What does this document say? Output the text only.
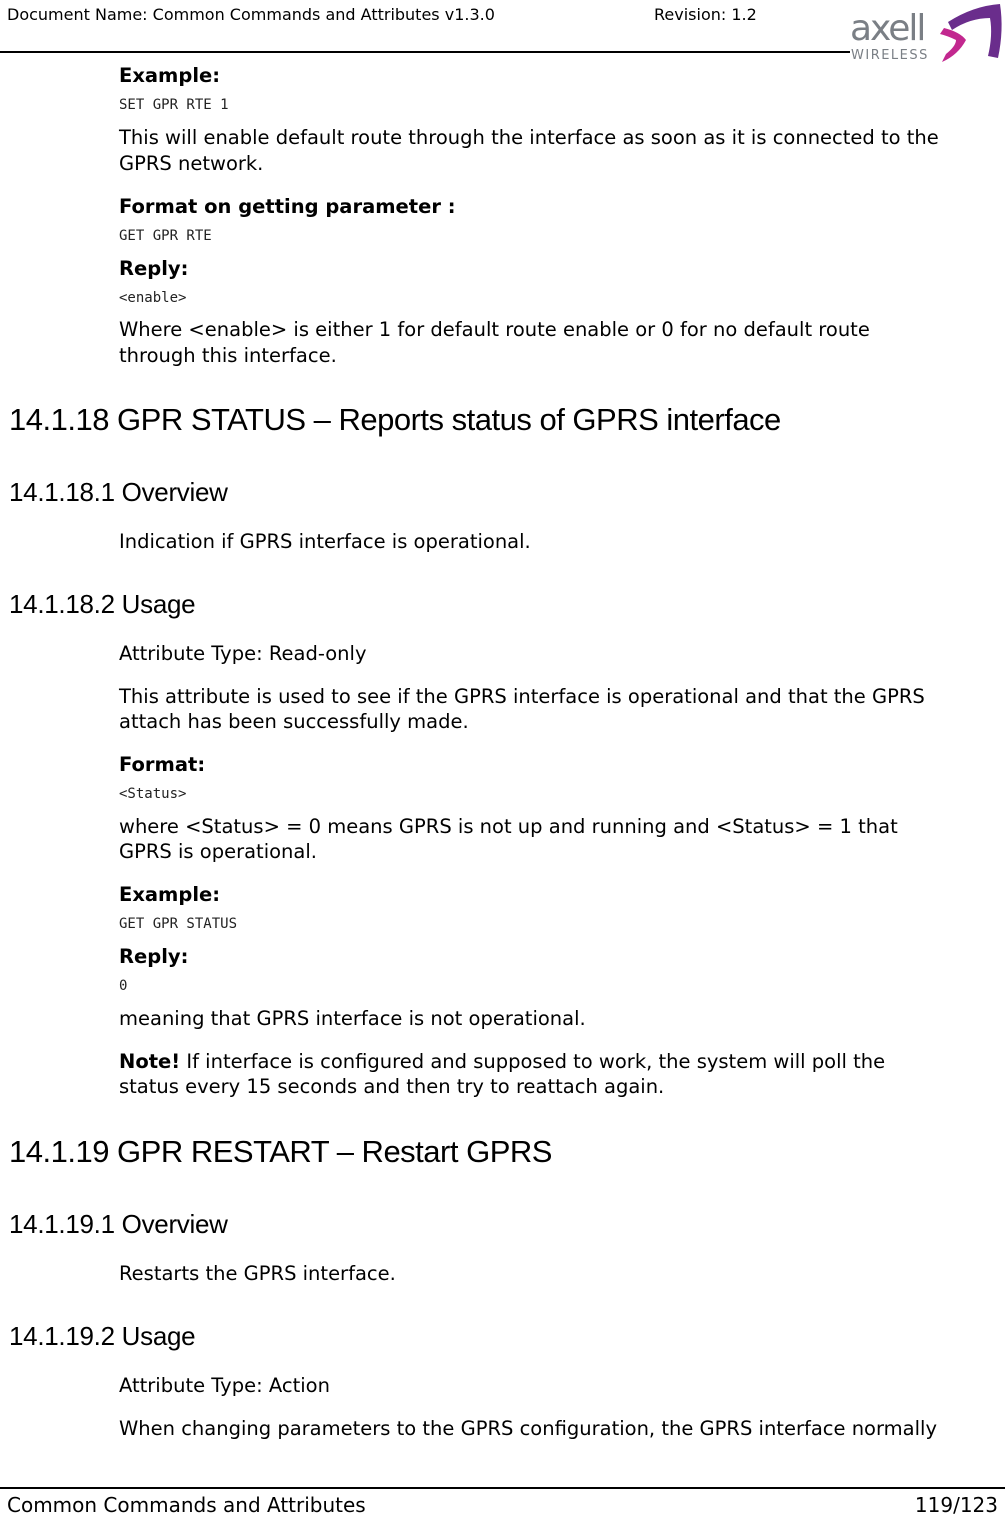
Document Name: Common Commands and Attributes v1.3.0	Revision: 1.2	axell
WIRELESS
Example:
SET GPR RTE 1
This will enable default route through the interface as soon as it is connected to the
GPRS network.
Format on getting parameter :
GET GPR RTE
Reply:
<enable>
Where <enable> is either 1 for default route enable or 0 for no default route
through this interface.
14.1.18 GPR STATUS – Reports status of GPRS interface
14.1.18.1 Overview
Indication if GPRS interface is operational.
14.1.18.2 Usage
Attribute Type: Read-only
This attribute is used to see if the GPRS interface is operational and that the GPRS
attach has been successfully made.
Format:
<Status>
where <Status> = 0 means GPRS is not up and running and <Status> = 1 that
GPRS is operational.
Example:
GET GPR STATUS
Reply:
0
meaning that GPRS interface is not operational.
Note! If interface is configured and supposed to work, the system will poll the
status every 15 seconds and then try to reattach again.
14.1.19 GPR RESTART – Restart GPRS
14.1.19.1 Overview
Restarts the GPRS interface.
14.1.19.2 Usage
Attribute Type: Action
When changing parameters to the GPRS configuration, the GPRS interface normally
Common Commands and Attributes	119/123
